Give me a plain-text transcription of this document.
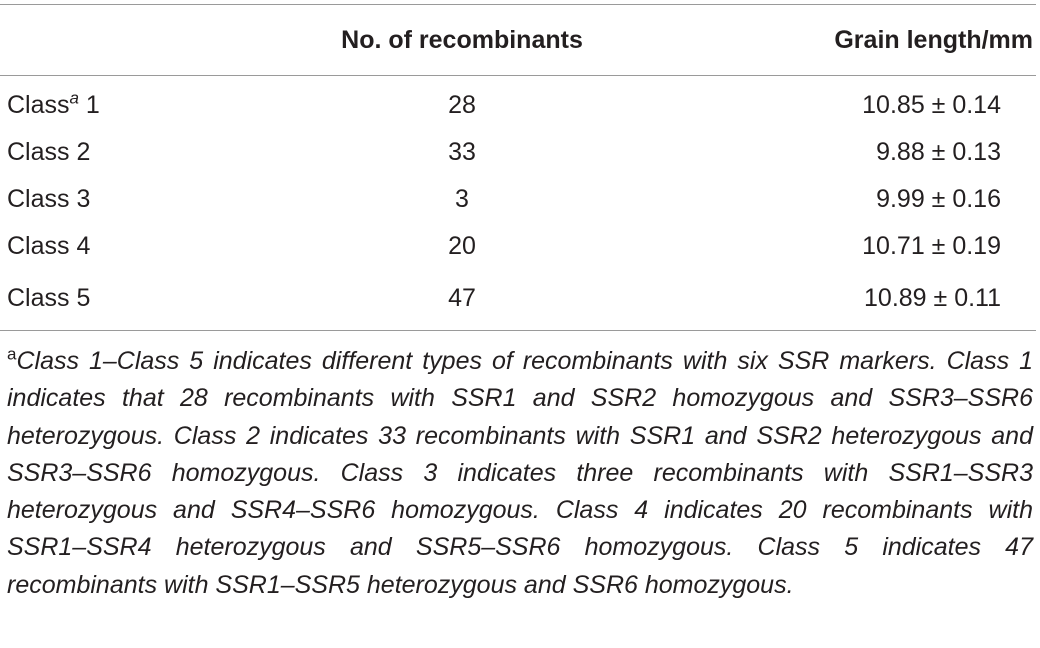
	No. of recombinants	Grain length/mm
Class$^a$ 1	28	10.85 ± 0.14
Class 2	33	9.88 ± 0.13
Class 3	3	9.99 ± 0.16
Class 4	20	10.71 ± 0.19
Class 5	47	10.89 ± 0.11
$^a$Class 1–Class 5 indicates different types of recombinants with six SSR markers. Class 1 indicates that 28 recombinants with SSR1 and SSR2 homozygous and SSR3–SSR6 heterozygous. Class 2 indicates 33 recombinants with SSR1 and SSR2 heterozygous and SSR3–SSR6 homozygous. Class 3 indicates three recombinants with SSR1–SSR3 heterozygous and SSR4–SSR6 homozygous. Class 4 indicates 20 recombinants with SSR1–SSR4 heterozygous and SSR5–SSR6 homozygous. Class 5 indicates 47 recombinants with SSR1–SSR5 heterozygous and SSR6 homozygous.
